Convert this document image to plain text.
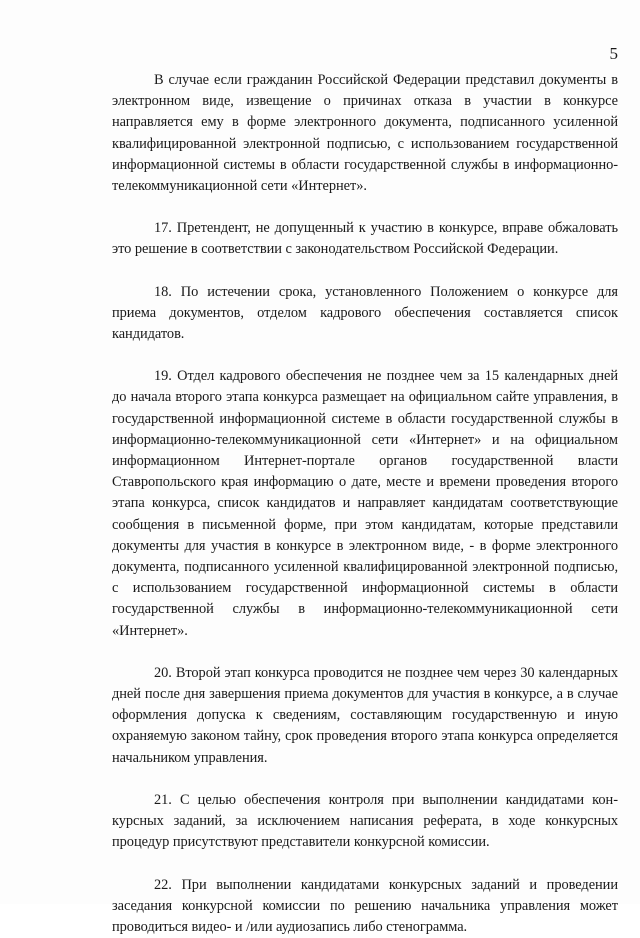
5

В случае если гражданин Российской Федерации представил документы в электронном виде, извещение о причинах отказа в участии в конкурсе направляется ему в форме электронного документа, подписанного усиленной квалифицированной электронной подписью, с использованием государственной информационной системы в области государственной службы в информационно-телекоммуникационной сети «Интернет».

17. Претендент, не допущенный к участию в конкурсе, вправе обжаловать это решение в соответствии с законодательством Российской Федерации.

18. По истечении срока, установленного Положением о конкурсе для приема документов, отделом кадрового обеспечения составляется список кандидатов.

19. Отдел кадрового обеспечения не позднее чем за 15 календарных дней до начала второго этапа конкурса размещает на официальном сайте управления, в государственной информационной системе в области государственной службы в информационно-телекоммуникационной сети «Интернет» и на официальном информационном Интернет-портале органов государственной власти Ставропольского края информацию о дате, месте и времени проведения второго этапа конкурса, список кандидатов и направляет кандидатам соответствующие сообщения в письменной форме, при этом кандидатам, которые представили документы для участия в конкурсе в электронном виде, - в форме электронного документа, подписанного усиленной квалифицированной электронной подписью, с использованием государственной информационной системы в области государственной службы в информационно-телекоммуникационной сети «Интернет».

20. Второй этап конкурса проводится не позднее чем через 30 календарных дней после дня завершения приема документов для участия в конкурсе, а в случае оформления допуска к сведениям, составляющим государственную и иную охраняемую законом тайну, срок проведения второго этапа конкурса определяется начальником управления.

21. С целью обеспечения контроля при выполнении кандидатами конкурсных заданий, за исключением написания реферата, в ходе конкурсных процедур присутствуют представители конкурсной комиссии.

22. При выполнении кандидатами конкурсных заданий и проведении заседания конкурсной комиссии по решению начальника управления может проводиться видео- и /или аудиозапись либо стенограмма.
